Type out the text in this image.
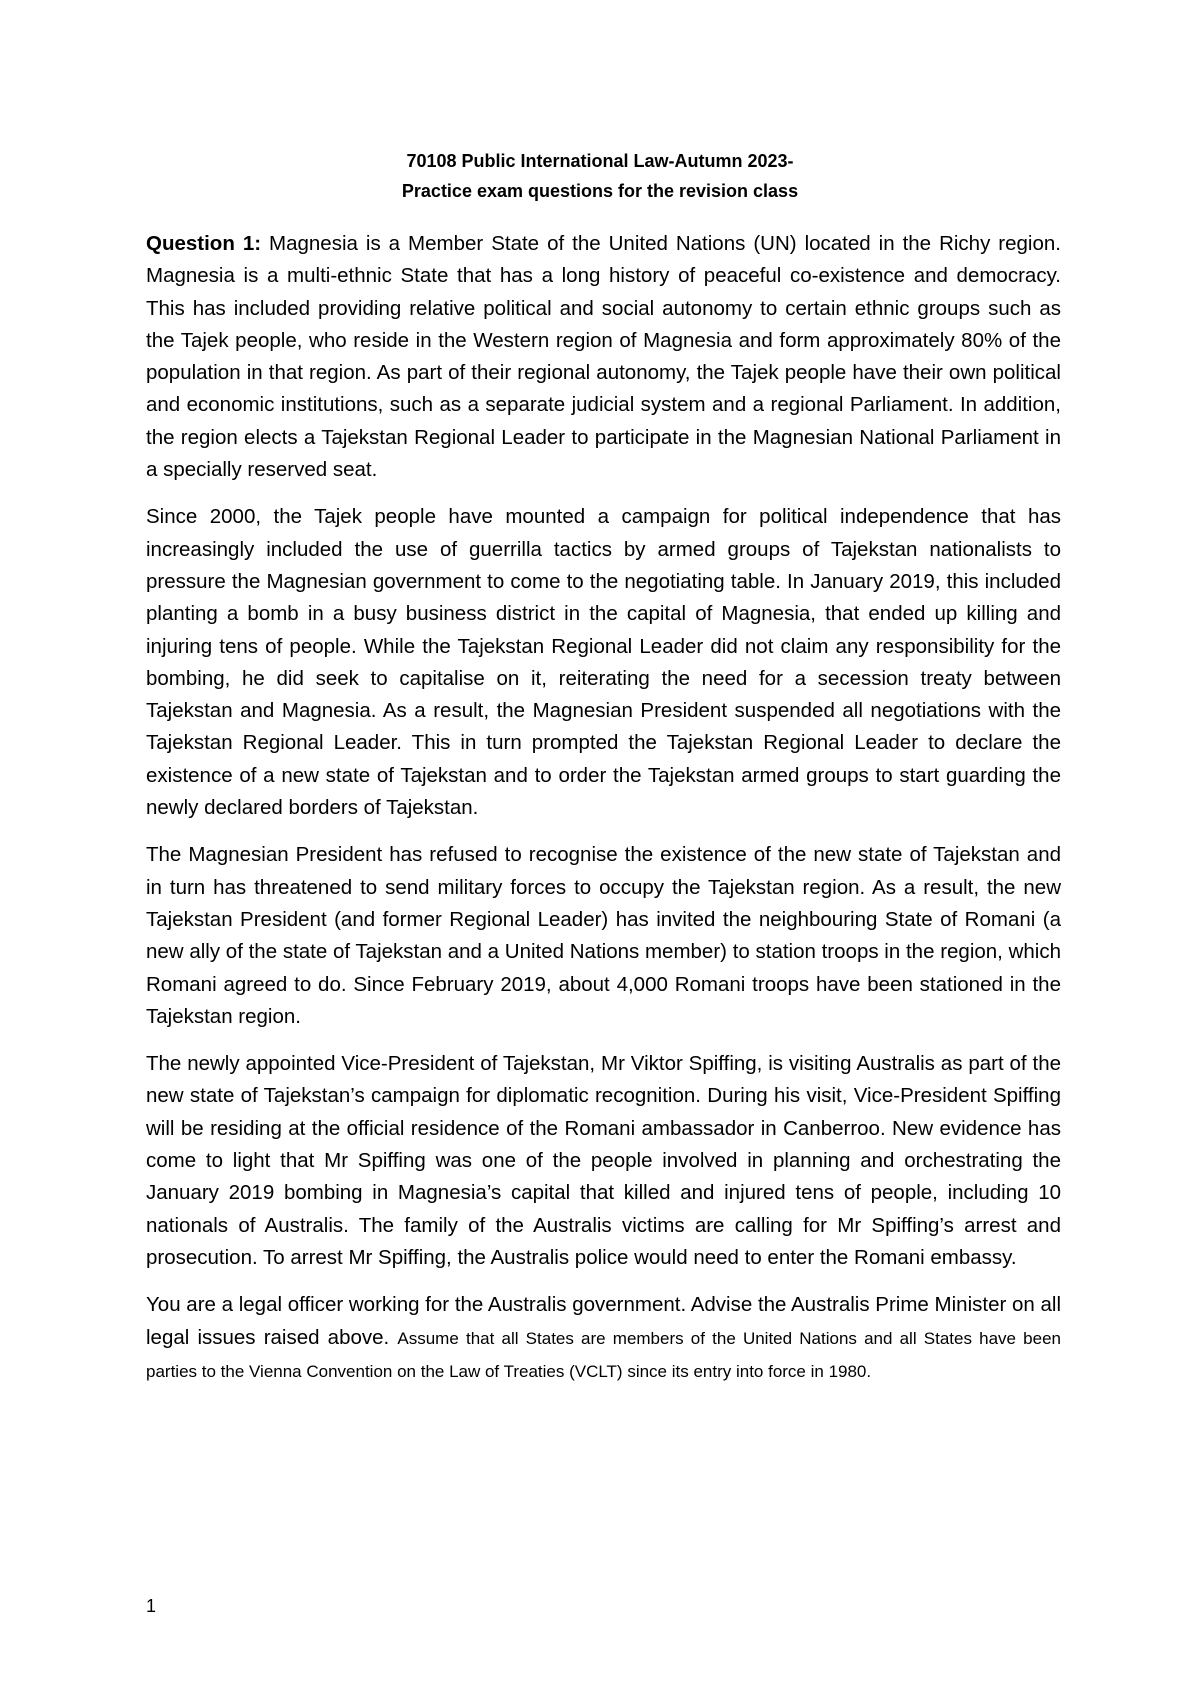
70108 Public International Law-Autumn 2023-
Practice exam questions for the revision class

Question 1: Magnesia is a Member State of the United Nations (UN) located in the Richy region. Magnesia is a multi-ethnic State that has a long history of peaceful co-existence and democracy. This has included providing relative political and social autonomy to certain ethnic groups such as the Tajek people, who reside in the Western region of Magnesia and form approximately 80% of the population in that region. As part of their regional autonomy, the Tajek people have their own political and economic institutions, such as a separate judicial system and a regional Parliament. In addition, the region elects a Tajekstan Regional Leader to participate in the Magnesian National Parliament in a specially reserved seat.

Since 2000, the Tajek people have mounted a campaign for political independence that has increasingly included the use of guerrilla tactics by armed groups of Tajekstan nationalists to pressure the Magnesian government to come to the negotiating table. In January 2019, this included planting a bomb in a busy business district in the capital of Magnesia, that ended up killing and injuring tens of people. While the Tajekstan Regional Leader did not claim any responsibility for the bombing, he did seek to capitalise on it, reiterating the need for a secession treaty between Tajekstan and Magnesia. As a result, the Magnesian President suspended all negotiations with the Tajekstan Regional Leader. This in turn prompted the Tajekstan Regional Leader to declare the existence of a new state of Tajekstan and to order the Tajekstan armed groups to start guarding the newly declared borders of Tajekstan.

The Magnesian President has refused to recognise the existence of the new state of Tajekstan and in turn has threatened to send military forces to occupy the Tajekstan region. As a result, the new Tajekstan President (and former Regional Leader) has invited the neighbouring State of Romani (a new ally of the state of Tajekstan and a United Nations member) to station troops in the region, which Romani agreed to do. Since February 2019, about 4,000 Romani troops have been stationed in the Tajekstan region.

The newly appointed Vice-President of Tajekstan, Mr Viktor Spiffing, is visiting Australis as part of the new state of Tajekstan’s campaign for diplomatic recognition. During his visit, Vice-President Spiffing will be residing at the official residence of the Romani ambassador in Canberroo. New evidence has come to light that Mr Spiffing was one of the people involved in planning and orchestrating the January 2019 bombing in Magnesia’s capital that killed and injured tens of people, including 10 nationals of Australis. The family of the Australis victims are calling for Mr Spiffing’s arrest and prosecution. To arrest Mr Spiffing, the Australis police would need to enter the Romani embassy.

You are a legal officer working for the Australis government. Advise the Australis Prime Minister on all legal issues raised above. Assume that all States are members of the United Nations and all States have been parties to the Vienna Convention on the Law of Treaties (VCLT) since its entry into force in 1980.

1
